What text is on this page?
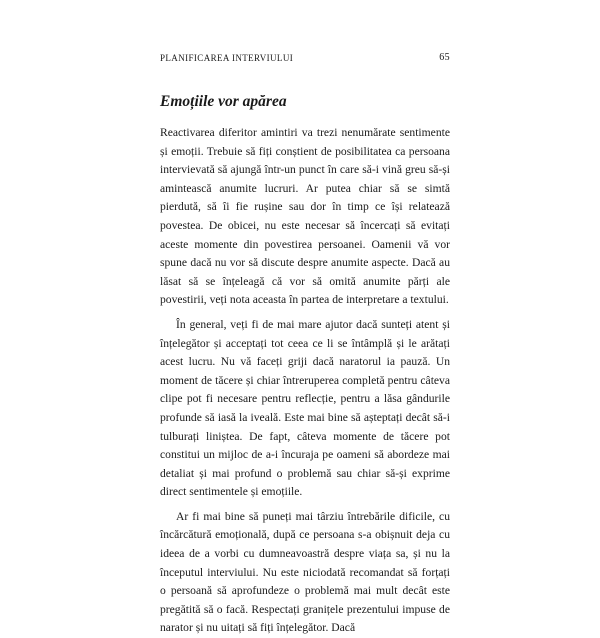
PLANIFICAREA INTERVIULUI	65
Emoțiile vor apărea

Reactivarea diferitor amintiri va trezi nenumărate sentimente și emoții. Trebuie să fiți conștient de posibilitatea ca persoana intervievată să ajungă într-un punct în care să-i vină greu să-și amintească anumite lucruri. Ar putea chiar să se simtă pierdută, să îi fie rușine sau dor în timp ce își relatează povestea. De obicei, nu este necesar să încercați să evitați aceste momente din povestirea persoanei. Oamenii vă vor spune dacă nu vor să discute despre anumite aspecte. Dacă au lăsat să se înțeleagă că vor să omită anumite părți ale povestirii, veți nota aceasta în partea de interpretare a textului.

În general, veți fi de mai mare ajutor dacă sunteți atent și înțelegător și acceptați tot ceea ce li se întâmplă și le arătați acest lucru. Nu vă faceți griji dacă naratorul ia pauză. Un moment de tăcere și chiar întreruperea completă pentru câteva clipe pot fi necesare pentru reflecție, pentru a lăsa gândurile profunde să iasă la iveală. Este mai bine să așteptați decât să-i tulburați liniștea. De fapt, câteva momente de tăcere pot constitui un mijloc de a-i încuraja pe oameni să abordeze mai detaliat și mai profund o problemă sau chiar să-și exprime direct sentimentele și emoțiile.

Ar fi mai bine să puneți mai târziu întrebările dificile, cu încărcătură emoțională, după ce persoana s-a obișnuit deja cu ideea de a vorbi cu dumneavoastră despre viața sa, și nu la începutul interviului. Nu este niciodată recomandat să forțați o persoană să aprofundeze o problemă mai mult decât este pregătită să o facă. Respectați granițele prezentului impuse de narator și nu uitați să fiți înțelegător. Dacă
